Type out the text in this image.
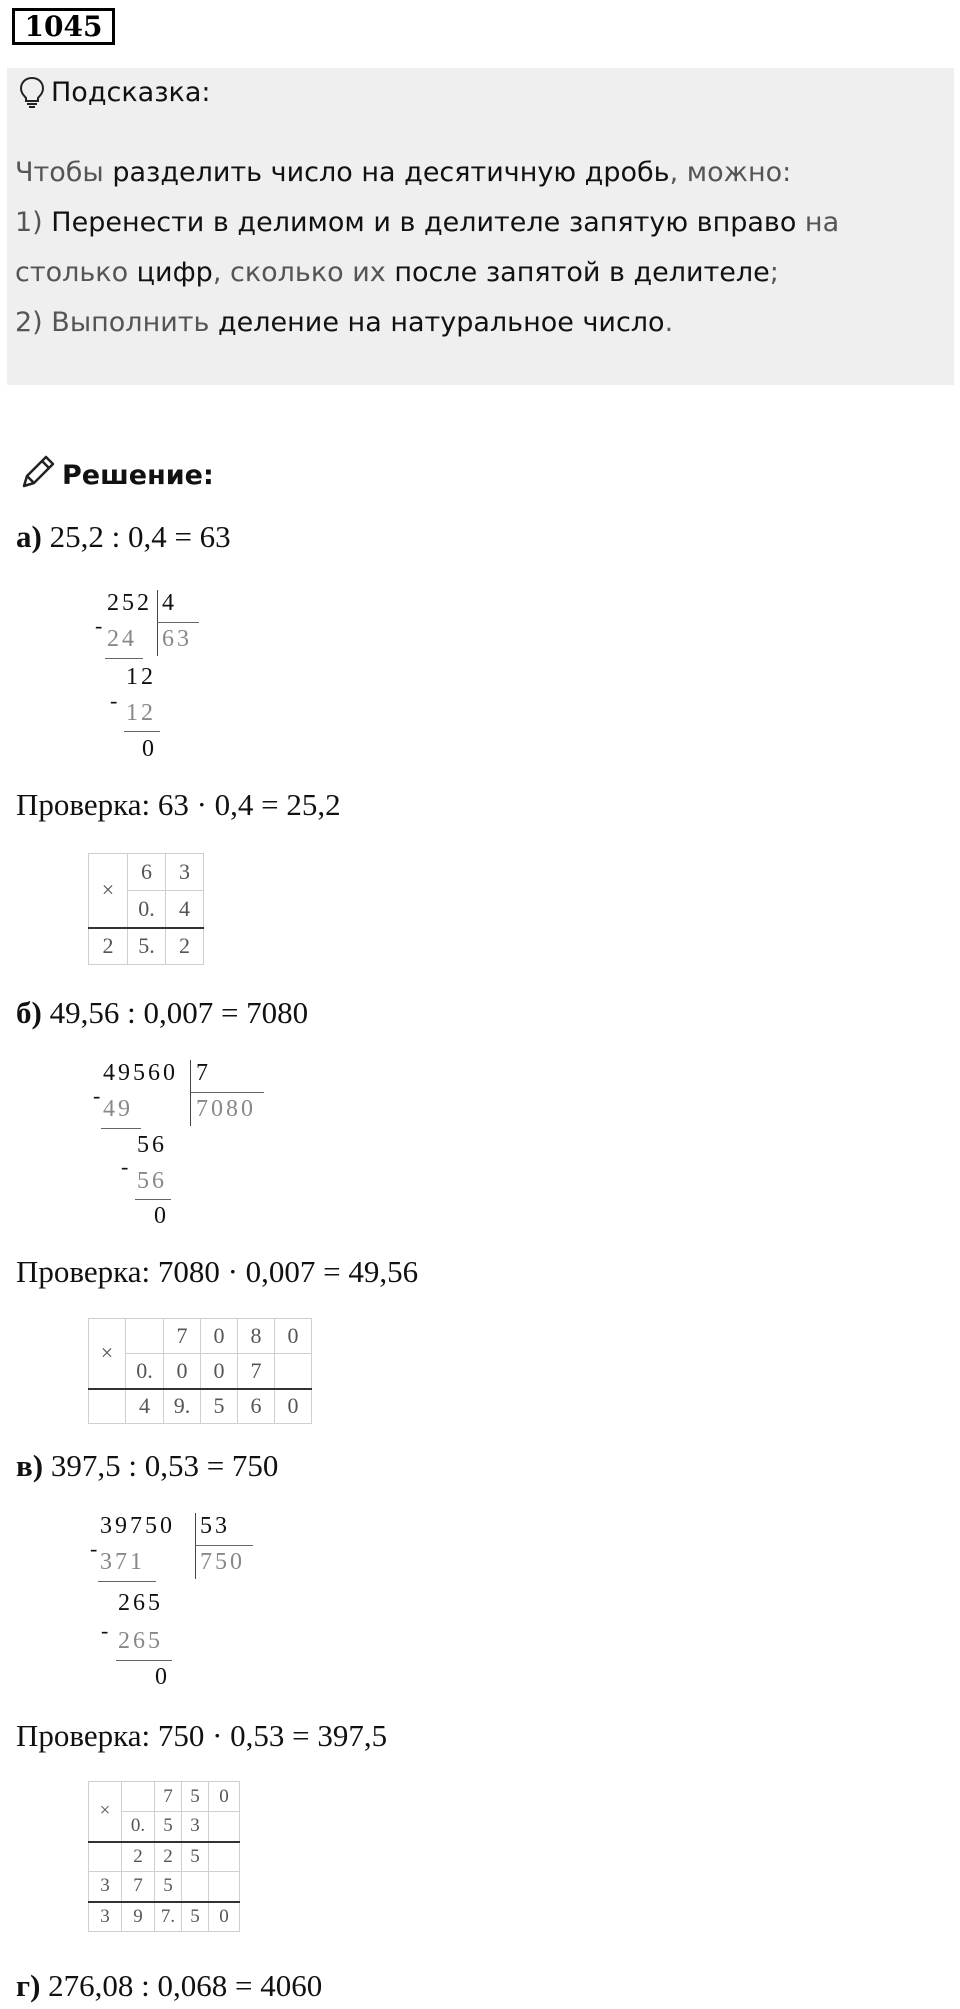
1045
Подсказка:
Чтобы разделить число на десятичную дробь, можно:
1) Перенести в делимом и в делителе запятую вправо на
столько цифр, сколько их после запятой в делителе;
2) Выполнить деление на натуральное число.
Решение:
а) 25,2 : 0,4 = 63
-
252 4
63
24
-
12
12
0
Проверка: 63 · 0,4 = 25,2
×	6	3
	0.	4
2	5.	2
б) 49,56 : 0,007 = 7080
-
49560 7
7080
49
-
56
56
0
Проверка: 7080 · 0,007 = 49,56
×		7	0	8	0
	0.	0	0	7	
	4	9.	5	6	0
в) 397,5 : 0,53 = 750
-
39750 53
750
371
-
265
265
0
Проверка: 750 · 0,53 = 397,5
×		7	5	0
	0.	5	3	
	2	2	5	
3	7	5		
3	9	7.	5	0
г) 276,08 : 0,068 = 4060
